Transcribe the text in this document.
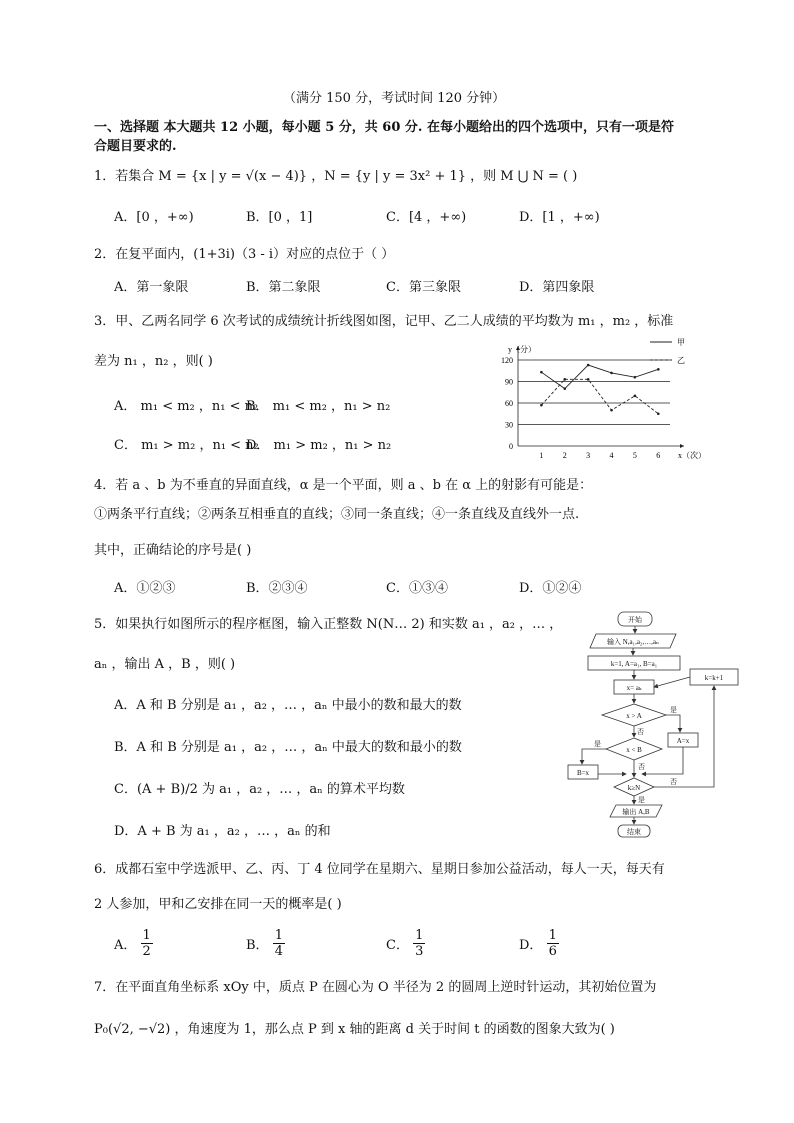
（满分 150 分，考试时间 120 分钟）
一、选择题 本大题共 12 小题，每小题 5 分，共 60 分. 在每小题给出的四个选项中，只有一项是符
合题目要求的.
1．若集合 M = {x | y = √(x − 4)} ，N = {y | y = 3x² + 1} ，则 M ⋃ N = ( )
A．[0 ，+∞)	B．[0 ，1]	C．[4 ，+∞)	D．[1 ，+∞)
2．在复平面内，(1+3i)（3 - i）对应的点位于（ ）
A．第一象限	B．第二象限	C．第三象限	D．第四象限
3．甲、乙两名同学 6 次考试的成绩统计折线图如图，记甲、乙二人成绩的平均数为 m₁ ，m₂ ，标准
差为 n₁ ，n₂ ，则( )
A． m₁ < m₂ ，n₁ < n₂
B． m₁ < m₂ ，n₁ > n₂
C． m₁ > m₂ ，n₁ < n₂
D． m₁ > m₂ ，n₁ > n₂
y（分）
x（次）
0
30
60
90
120
1 2 3 4 5 6
甲
乙
4．若 a 、b 为不垂直的异面直线，α 是一个平面，则 a 、b 在 α 上的射影有可能是：
①两条平行直线；②两条互相垂直的直线；③同一条直线；④一条直线及直线外一点.
其中，正确结论的序号是( )
A．①②③	B．②③④	C．①③④	D．①②④
5．如果执行如图所示的程序框图，输入正整数 N(N… 2) 和实数 a₁ ，a₂ ，… ，
aₙ ，输出 A ，B ，则( )
A．A 和 B 分别是 a₁ ，a₂ ，… ，aₙ 中最小的数和最大的数
B．A 和 B 分别是 a₁ ，a₂ ，… ，aₙ 中最大的数和最小的数
C．(A + B)/2 为 a₁ ，a₂ ，… ，aₙ 的算术平均数
D．A + B 为 a₁ ，a₂ ，… ，aₙ 的和
开始
输入 N,a₁,a₂,…,aₙ
k=1, A=a₁, B=a₁
x= aₖ
k=k+1
x > A
是
否
A=x
x < B
是
否
B=x
k≥N
否
是
输出 A,B
结束
6．成都石室中学选派甲、乙、丙、丁 4 位同学在星期六、星期日参加公益活动，每人一天，每天有
2 人参加，甲和乙安排在同一天的概率是( )
A． $\frac{1}{2}$	B． $\frac{1}{4}$	C． $\frac{1}{3}$	D． $\frac{1}{6}$
7．在平面直角坐标系 xOy 中，质点 P 在圆心为 O 半径为 2 的圆周上逆时针运动，其初始位置为
P₀(√2, −√2) ，角速度为 1，那么点 P 到 x 轴的距离 d 关于时间 t 的函数的图象大致为( )
